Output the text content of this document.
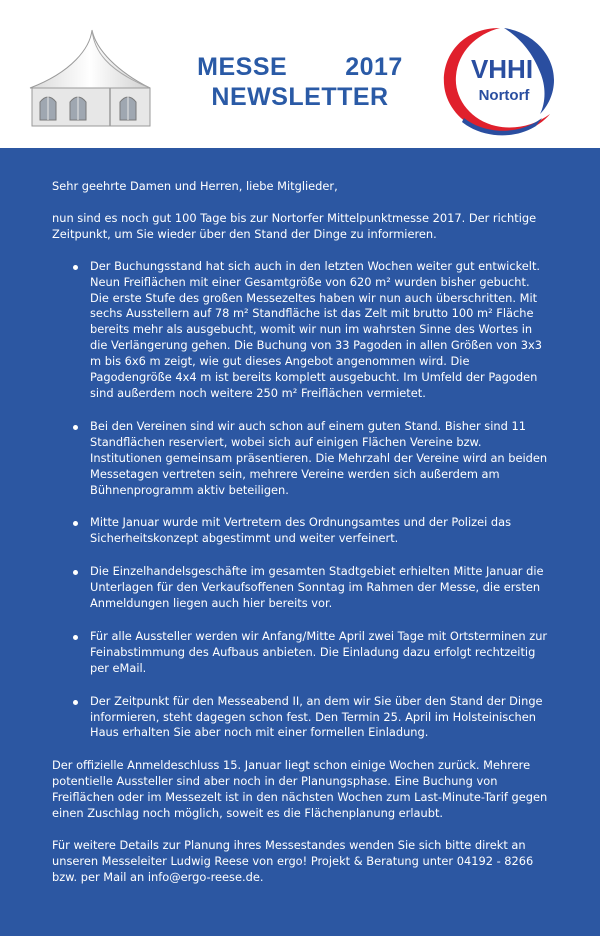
MESSE 2017
NEWSLETTER
VHHI
Nortorf

Sehr geehrte Damen und Herren, liebe Mitglieder,

nun sind es noch gut 100 Tage bis zur Nortorfer Mittelpunktmesse 2017. Der richtige Zeitpunkt, um Sie wieder über den Stand der Dinge zu informieren.

Der Buchungsstand hat sich auch in den letzten Wochen weiter gut entwickelt. Neun Freiflächen mit einer Gesamtgröße von 620 m² wurden bisher gebucht. Die erste Stufe des großen Messezeltes haben wir nun auch überschritten. Mit sechs Ausstellern auf 78 m² Standfläche ist das Zelt mit brutto 100 m² Fläche bereits mehr als ausgebucht, womit wir nun im wahrsten Sinne des Wortes in die Verlängerung gehen. Die Buchung von 33 Pagoden in allen Größen von 3x3 m bis 6x6 m zeigt, wie gut dieses Angebot angenommen wird. Die Pagodengröße 4x4 m ist bereits komplett ausgebucht. Im Umfeld der Pagoden sind außerdem noch weitere 250 m² Freiflächen vermietet.
Bei den Vereinen sind wir auch schon auf einem guten Stand. Bisher sind 11 Standflächen reserviert, wobei sich auf einigen Flächen Vereine bzw. Institutionen gemeinsam präsentieren. Die Mehrzahl der Vereine wird an beiden Messetagen vertreten sein, mehrere Vereine werden sich außerdem am Bühnenprogramm aktiv beteiligen.
Mitte Januar wurde mit Vertretern des Ordnungsamtes und der Polizei das Sicherheitskonzept abgestimmt und weiter verfeinert.
Die Einzelhandelsgeschäfte im gesamten Stadtgebiet erhielten Mitte Januar die Unterlagen für den Verkaufsoffenen Sonntag im Rahmen der Messe, die ersten Anmeldungen liegen auch hier bereits vor.
Für alle Aussteller werden wir Anfang/Mitte April zwei Tage mit Ortsterminen zur Feinabstimmung des Aufbaus anbieten. Die Einladung dazu erfolgt rechtzeitig per eMail.
Der Zeitpunkt für den Messeabend II, an dem wir Sie über den Stand der Dinge informieren, steht dagegen schon fest. Den Termin 25. April im Holsteinischen Haus erhalten Sie aber noch mit einer formellen Einladung.

Der offizielle Anmeldeschluss 15. Januar liegt schon einige Wochen zurück. Mehrere potentielle Aussteller sind aber noch in der Planungsphase. Eine Buchung von Freiflächen oder im Messezelt ist in den nächsten Wochen zum Last-Minute-Tarif gegen einen Zuschlag noch möglich, soweit es die Flächenplanung erlaubt.

Für weitere Details zur Planung ihres Messestandes wenden Sie sich bitte direkt an unseren Messeleiter Ludwig Reese von ergo! Projekt & Beratung unter 04192 - 8266 bzw. per Mail an info@ergo-reese.de.
